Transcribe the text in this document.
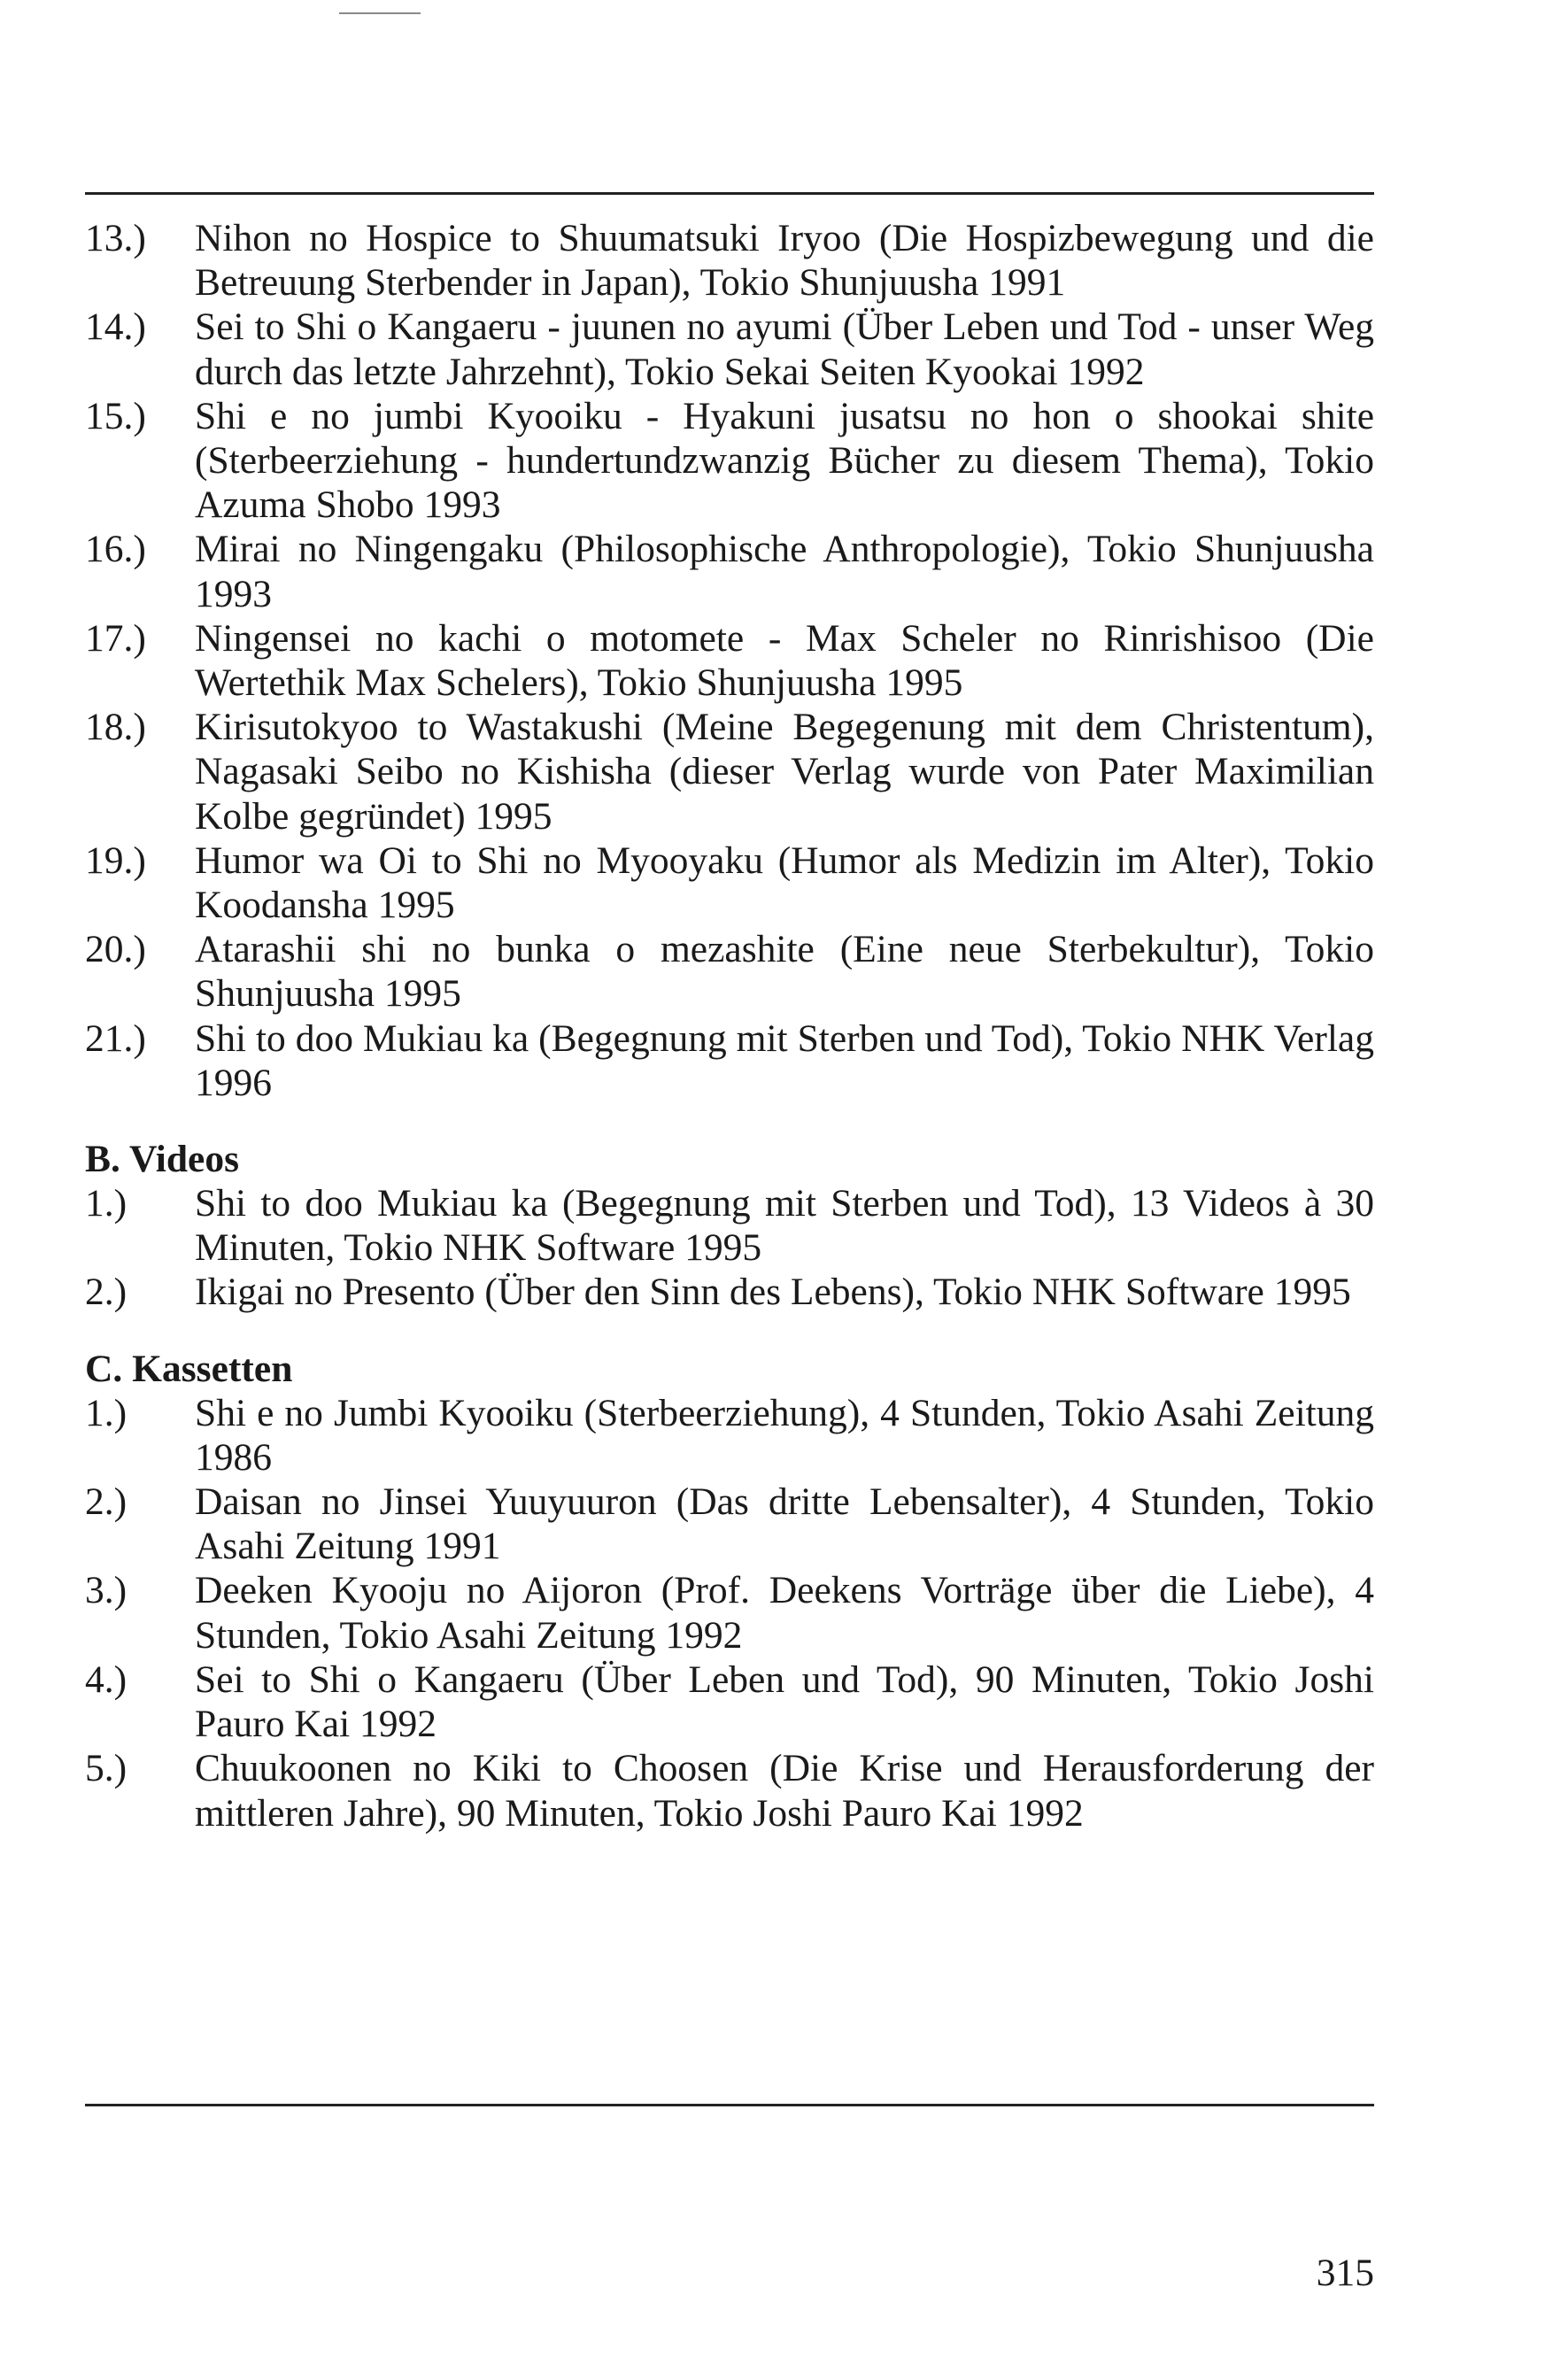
13.)	Nihon no Hospice to Shuumatsuki Iryoo (Die Hospizbewegung und die Betreuung Sterbender in Japan), Tokio Shunjuusha 1991
14.)	Sei to Shi o Kangaeru - juunen no ayumi (Über Leben und Tod - unser Weg durch das letzte Jahrzehnt), Tokio Sekai Seiten Kyookai 1992
15.)	Shi e no jumbi Kyooiku - Hyakuni jusatsu no hon o shookai shite (Sterbeerziehung - hundertundzwanzig Bücher zu diesem Thema), Tokio Azuma Shobo 1993
16.)	Mirai no Ningengaku (Philosophische Anthropologie), Tokio Shunjuusha 1993
17.)	Ningensei no kachi o motomete - Max Scheler no Rinrishisoo (Die Wertethik Max Schelers), Tokio Shunjuusha 1995
18.)	Kirisutokyoo to Wastakushi (Meine Begegenung mit dem Christentum), Nagasaki Seibo no Kishisha (dieser Verlag wurde von Pater Maximilian Kolbe gegründet) 1995
19.)	Humor wa Oi to Shi no Myooyaku (Humor als Medizin im Alter), Tokio Koodansha 1995
20.)	Atarashii shi no bunka o mezashite (Eine neue Sterbekultur), Tokio Shunjuusha 1995
21.)	Shi to doo Mukiau ka (Begegnung mit Sterben und Tod), Tokio NHK Verlag 1996
B. Videos
1.)	Shi to doo Mukiau ka (Begegnung mit Sterben und Tod), 13 Videos à 30 Minuten, Tokio NHK Software 1995
2.)	Ikigai no Presento (Über den Sinn des Lebens), Tokio NHK Software 1995
C. Kassetten
1.)	Shi e no Jumbi Kyooiku (Sterbeerziehung), 4 Stunden, Tokio Asahi Zeitung 1986
2.)	Daisan no Jinsei Yuuyuuron (Das dritte Lebensalter), 4 Stunden, Tokio Asahi Zeitung 1991
3.)	Deeken Kyooju no Aijoron (Prof. Deekens Vorträge über die Liebe), 4 Stunden, Tokio Asahi Zeitung 1992
4.)	Sei to Shi o Kangaeru (Über Leben und Tod), 90 Minuten, Tokio Joshi Pauro Kai 1992
5.)	Chuukoonen no Kiki to Choosen (Die Krise und Herausforderung der mittleren Jahre), 90 Minuten, Tokio Joshi Pauro Kai 1992
315
